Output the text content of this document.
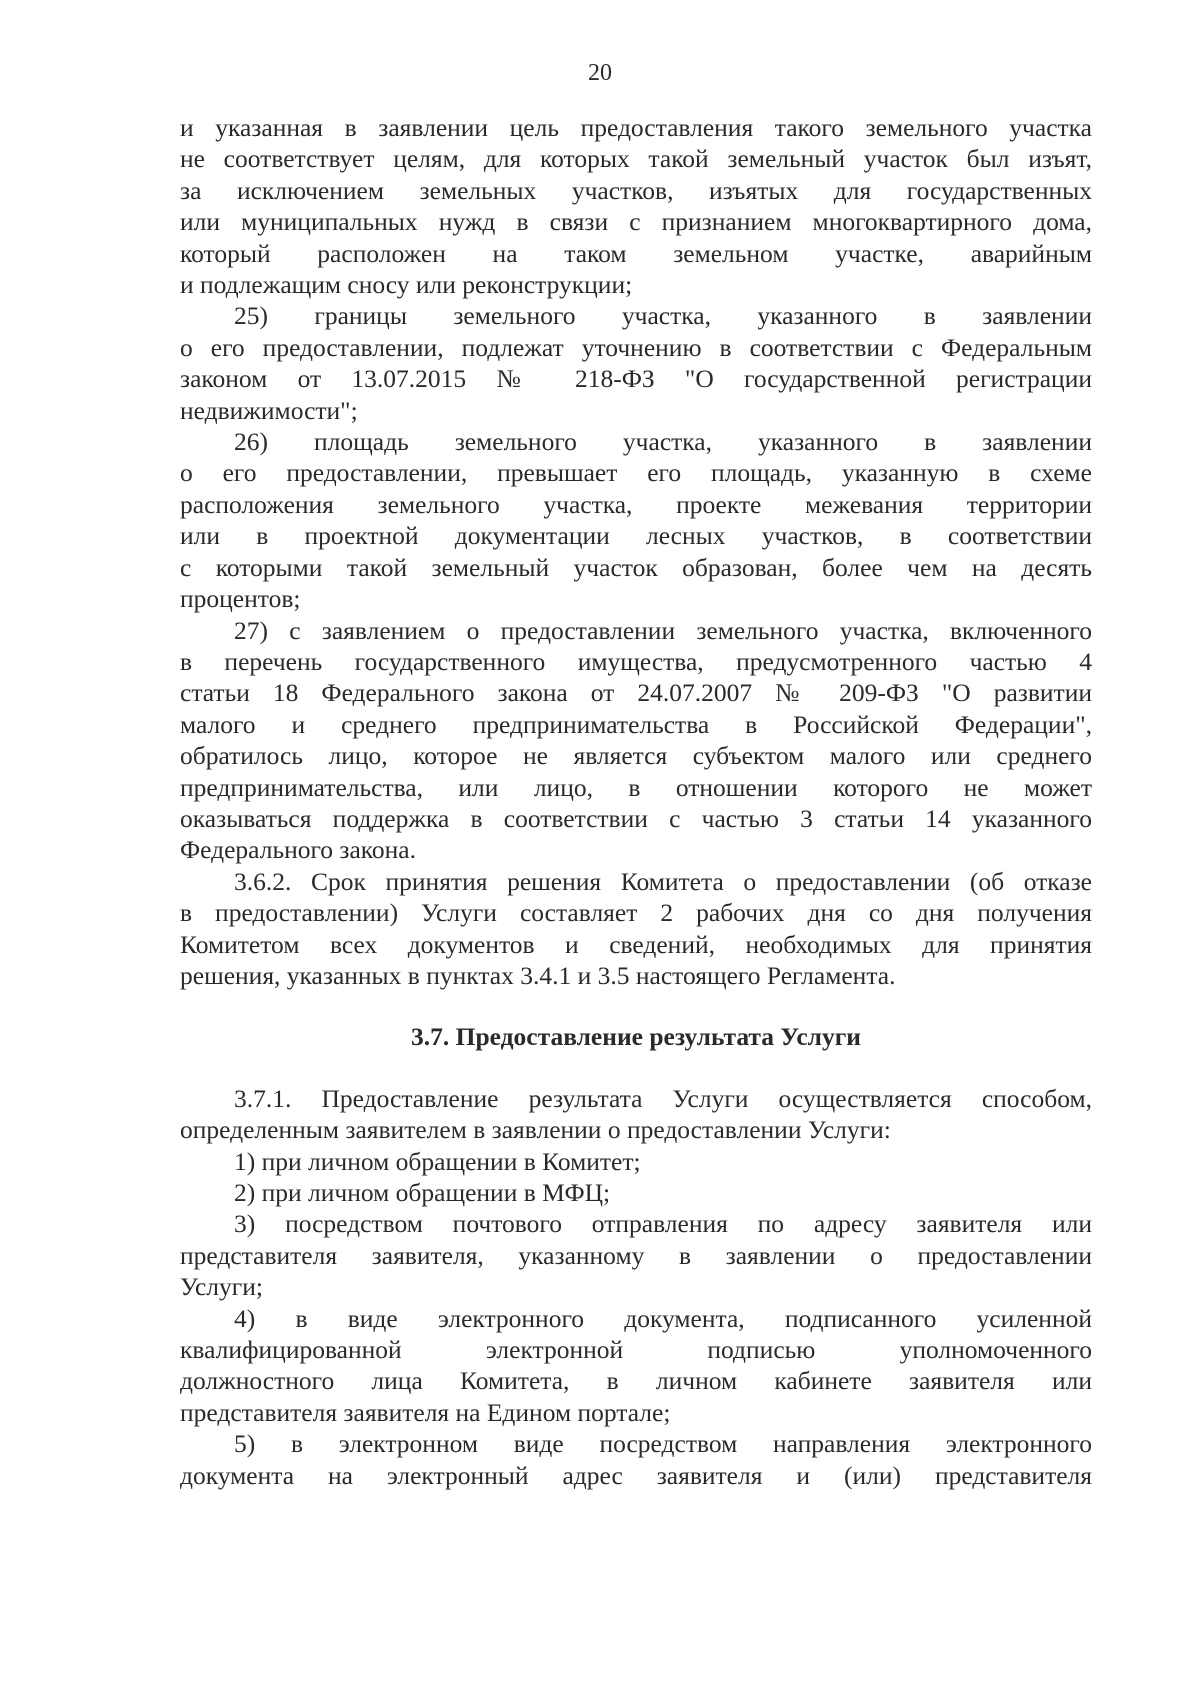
20

и указанная в заявлении цель предоставления такого земельного участка

не соответствует целям, для которых такой земельный участок был изъят,

за исключением земельных участков, изъятых для государственных

или муниципальных нужд в связи с признанием многоквартирного дома,

который расположен на таком земельном участке, аварийным

и подлежащим сносу или реконструкции;

25) границы земельного участка, указанного в заявлении

о его предоставлении, подлежат уточнению в соответствии с Федеральным

законом от 13.07.2015 № 218-ФЗ "О государственной регистрации

недвижимости";

26) площадь земельного участка, указанного в заявлении

о его предоставлении, превышает его площадь, указанную в схеме

расположения земельного участка, проекте межевания территории

или в проектной документации лесных участков, в соответствии

с которыми такой земельный участок образован, более чем на десять

процентов;

27) с заявлением о предоставлении земельного участка, включенного

в перечень государственного имущества, предусмотренного частью 4

статьи 18 Федерального закона от 24.07.2007 № 209-ФЗ "О развитии

малого и среднего предпринимательства в Российской Федерации",

обратилось лицо, которое не является субъектом малого или среднего

предпринимательства, или лицо, в отношении которого не может

оказываться поддержка в соответствии с частью 3 статьи 14 указанного

Федерального закона.

3.6.2. Срок принятия решения Комитета о предоставлении (об отказе

в предоставлении) Услуги составляет 2 рабочих дня со дня получения

Комитетом всех документов и сведений, необходимых для принятия

решения, указанных в пунктах 3.4.1 и 3.5 настоящего Регламента.

3.7. Предоставление результата Услуги

3.7.1. Предоставление результата Услуги осуществляется способом,

определенным заявителем в заявлении о предоставлении Услуги:

1) при личном обращении в Комитет;

2) при личном обращении в МФЦ;

3) посредством почтового отправления по адресу заявителя или

представителя заявителя, указанному в заявлении о предоставлении

Услуги;

4) в виде электронного документа, подписанного усиленной

квалифицированной электронной подписью уполномоченного

должностного лица Комитета, в личном кабинете заявителя или

представителя заявителя на Едином портале;

5) в электронном виде посредством направления электронного

документа на электронный адрес заявителя и (или) представителя
